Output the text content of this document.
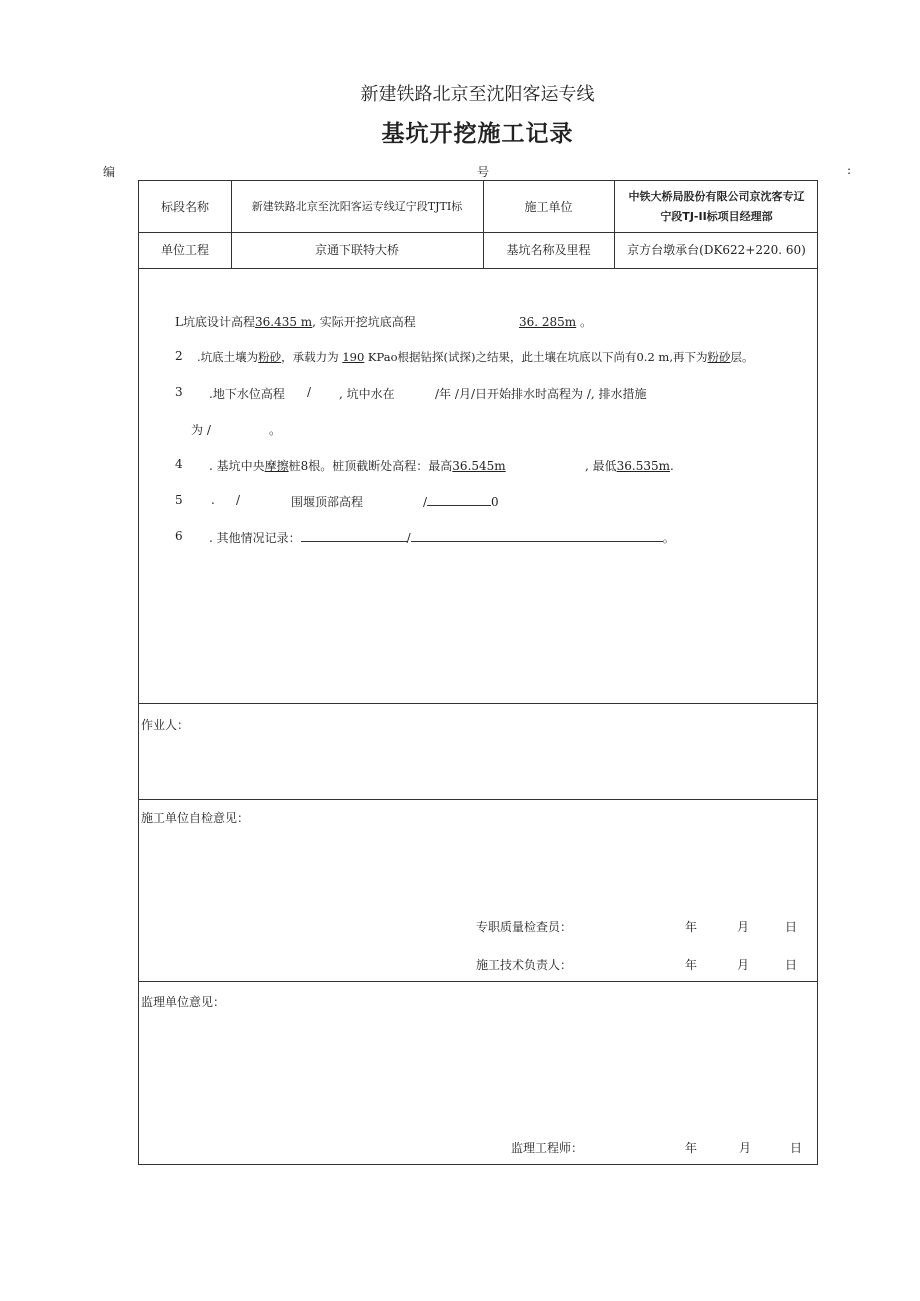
新建铁路北京至沈阳客运专线
基坑开挖施工记录
编	号	:
标段名称	新建铁路北京至沈阳客运专线辽宁段TJTI标	施工单位
中铁大桥局股份有限公司京沈客专辽
宁段TJ-II标项目经理部
单位工程	京通下联特大桥	基坑名称及里程	京方台墩承台(DK622+220. 60)
L坑底设计高程36.435 m, 实际开挖坑底高程	36. 285m 。
2 .坑底土壤为粉砂，承载力为 190 KPao根据钻探(试探)之结果，此土壤在坑底以下尚有0.2 m,再下为粉砂层。
3 .地下水位高程 / , 坑中水在	/年 /月/日开始排水时高程为 /, 排水措施
为 /	。
4 . 基坑中央摩擦桩8根。桩顶截断处高程：最高36.545m	, 最低36.535m.
5 . /	围堰顶部高程	/	0
6 . 其他情况记录：	/	。
作业人：
施工单位自检意见：
专职质量检查员：	年	月	日
施工技术负责人：	年	月	日
监理单位意见：
监理工程师：	年	月	日
